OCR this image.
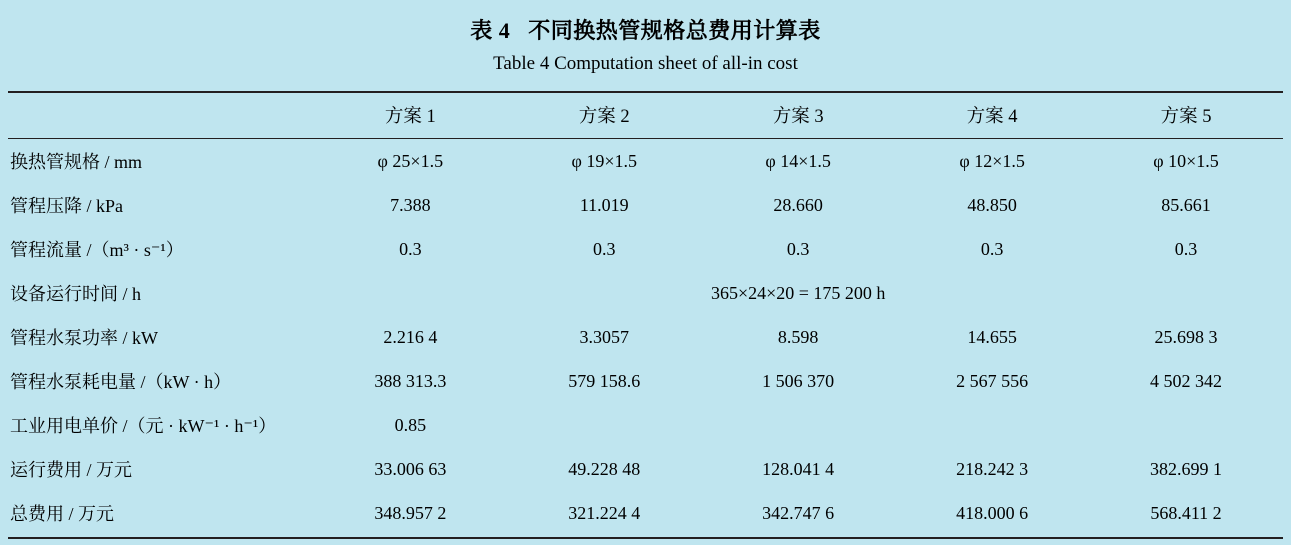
表 4 不同换热管规格总费用计算表
Table 4 Computation sheet of all-in cost
	方案 1	方案 2	方案 3	方案 4	方案 5
换热管规格 / mm	φ 25×1.5	φ 19×1.5	φ 14×1.5	φ 12×1.5	φ 10×1.5
管程压降 / kPa	7.388	11.019	28.660	48.850	85.661
管程流量 /（m³ · s⁻¹）	0.3	0.3	0.3	0.3	0.3
设备运行时间 / h	365×24×20 = 175 200 h				
管程水泵功率 / kW	2.216 4	3.3057	8.598	14.655	25.698 3
管程水泵耗电量 /（kW · h）	388 313.3	579 158.6	1 506 370	2 567 556	4 502 342
工业用电单价 /（元 · kW⁻¹ · h⁻¹）	0.85				
运行费用 / 万元	33.006 63	49.228 48	128.041 4	218.242 3	382.699 1
总费用 / 万元	348.957 2	321.224 4	342.747 6	418.000 6	568.411 2
